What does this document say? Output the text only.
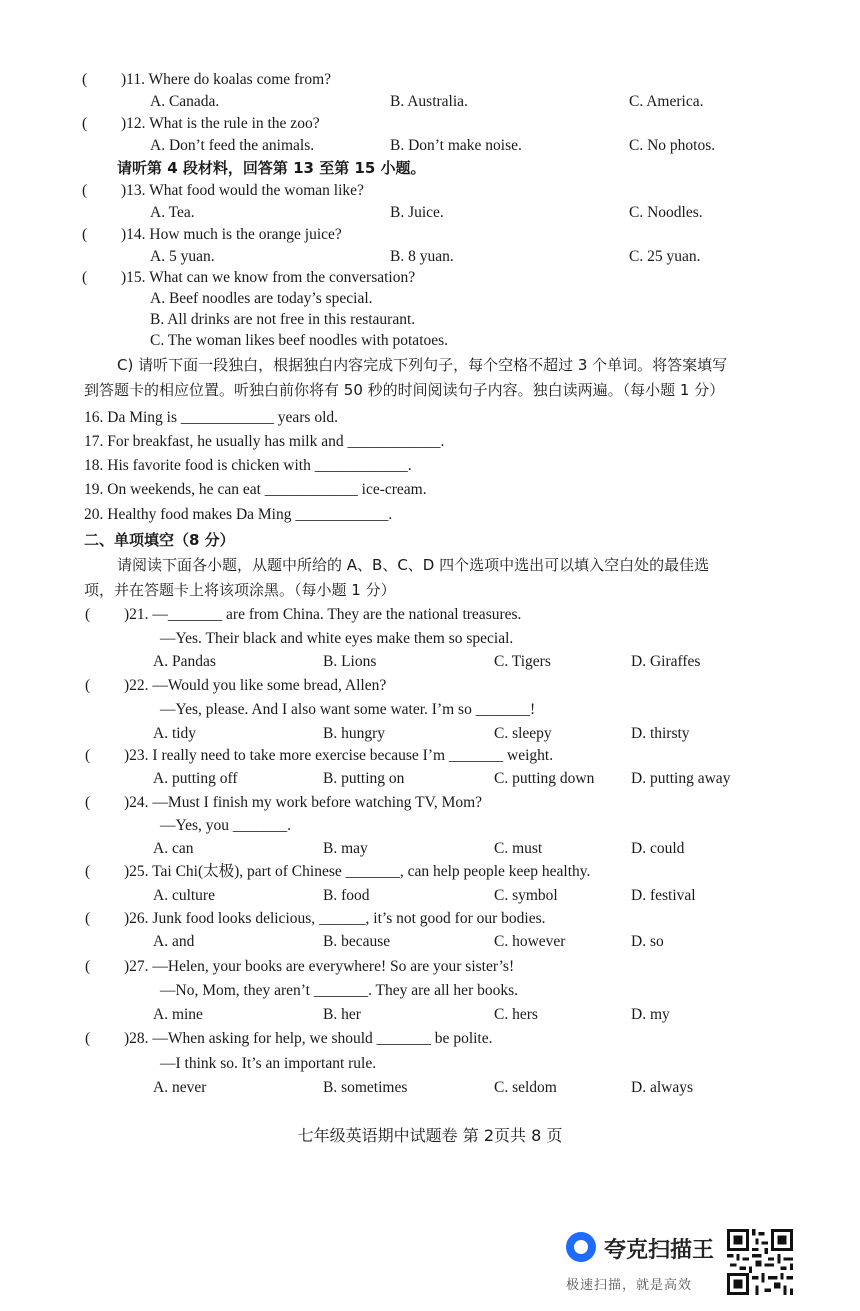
( )11. Where do koalas come from?
A. Canada.	B. Australia.	C. America.
( )12. What is the rule in the zoo?
A. Don’t feed the animals.	B. Don’t make noise.	C. No photos.
请听第 4 段材料，回答第 13 至第 15 小题。
( )13. What food would the woman like?
A. Tea.	B. Juice.	C. Noodles.
( )14. How much is the orange juice?
A. 5 yuan.	B. 8 yuan.	C. 25 yuan.
( )15. What can we know from the conversation?
A. Beef noodles are today’s special.
B. All drinks are not free in this restaurant.
C. The woman likes beef noodles with potatoes.
C) 请听下面一段独白，根据独白内容完成下列句子，每个空格不超过 3 个单词。将答案填写
到答题卡的相应位置。听独白前你将有 50 秒的时间阅读句子内容。独白读两遍。（每小题 1 分）
16. Da Ming is ____________ years old.
17. For breakfast, he usually has milk and ____________.
18. His favorite food is chicken with ____________.
19. On weekends, he can eat ____________ ice-cream.
20. Healthy food makes Da Ming ____________.
二、单项填空（8 分）
请阅读下面各小题，从题中所给的 A、B、C、D 四个选项中选出可以填入空白处的最佳选
项，并在答题卡上将该项涂黑。（每小题 1 分）
( )21. —_______ are from China. They are the national treasures.
—Yes. Their black and white eyes make them so special.
A. Pandas	B. Lions	C. Tigers	D. Giraffes
( )22. —Would you like some bread, Allen?
—Yes, please. And I also want some water. I’m so _______!
A. tidy	B. hungry	C. sleepy	D. thirsty
( )23. I really need to take more exercise because I’m _______ weight.
A. putting off	B. putting on	C. putting down D. putting away
( )24. —Must I finish my work before watching TV, Mom?
—Yes, you _______.
A. can	B. may	C. must	D. could
( )25. Tai Chi(太极), part of Chinese _______, can help people keep healthy.
A. culture	B. food	C. symbol	D. festival
( )26. Junk food looks delicious, ______, it’s not good for our bodies.
A. and	B. because	C. however	D. so
( )27. —Helen, your books are everywhere! So are your sister’s!
—No, Mom, they aren’t _______. They are all her books.
A. mine	B. her	C. hers	D. my
( )28. —When asking for help, we should _______ be polite.
—I think so. It’s an important rule.
A. never	B. sometimes	C. seldom	D. always
七年级英语期中试题卷 第 2页共 8 页
夸克扫描王
极速扫描，就是高效
